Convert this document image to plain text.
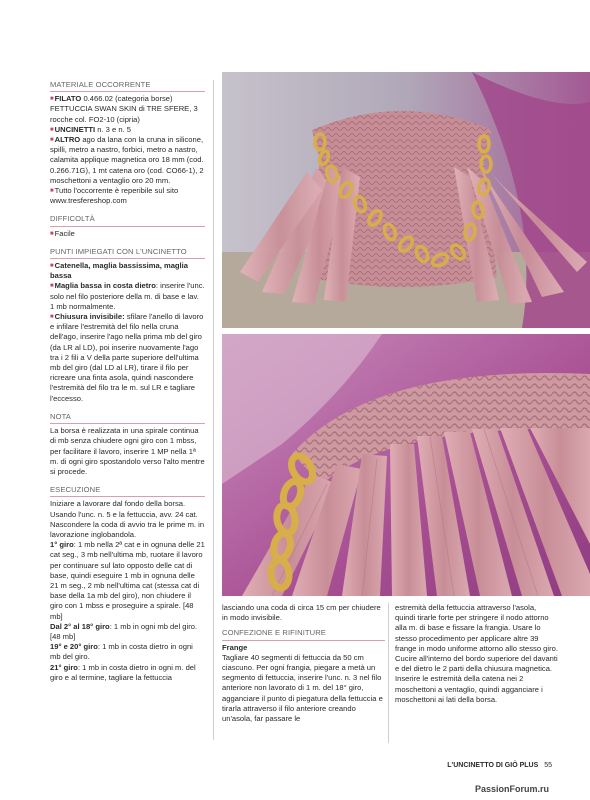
MATERIALE OCCORRENTE

■ FILATO 0.466.02 (categoria borse) FETTUCCIA SWAN SKIN di TRE SFERE, 3 rocche col. FO2-10 (cipria)

■ UNCINETTI n. 3 e n. 5

■ ALTRO ago da lana con la cruna in silicone, spilli, metro a nastro, forbici, metro a nastro, calamita applique magnetica oro 18 mm (cod. 0.266.71G), 1 mt catena oro (cod. CO66-1), 2 moschettoni a ventaglio oro 20 mm.

■ Tutto l'occorrente è reperibile sul sito www.tresfereshop.com

DIFFICOLTÀ

■ Facile

PUNTI IMPIEGATI CON L'UNCINETTO

■ Catenella, maglia bassissima, maglia bassa

■ Maglia bassa in costa dietro: inserire l'unc. solo nel filo posteriore della m. di base e lav. 1 mb normalmente.

■ Chiusura invisibile: sfilare l'anello di lavoro e infilare l'estremità del filo nella cruna dell'ago, inserire l'ago nella prima mb del giro (da LR al LD), poi inserire nuovamente l'ago tra i 2 fili a V della parte superiore dell'ultima mb del giro (dal LD al LR), tirare il filo per ricreare una finta asola, quindi nascondere l'estremità del filo tra le m. sul LR e tagliare l'eccesso.

NOTA

La borsa è realizzata in una spirale continua di mb senza chiudere ogni giro con 1 mbss, per facilitare il lavoro, inserire 1 MP nella 1ª m. di ogni giro spostandolo verso l'alto mentre si procede.

ESECUZIONE

Iniziare a lavorare dal fondo della borsa. Usando l'unc. n. 5 e la fettuccia, avv. 24 cat. Nascondere la coda di avvio tra le prime m. in lavorazione inglobandola.

1° giro: 1 mb nella 2ª cat e in ognuna delle 21 cat seg., 3 mb nell'ultima mb, ruotare il lavoro per continuare sul lato opposto delle cat di base, quindi eseguire 1 mb in ognuna delle 21 m seg., 2 mb nell'ultima cat (stessa cat di base della 1a mb del giro), non chiudere il giro con 1 mbss e proseguire a spirale. [48 mb]

Dal 2° al 18° giro: 1 mb in ogni mb del giro. [48 mb]

19° e 20° giro: 1 mb in costa dietro in ogni mb del giro.

21° giro: 1 mb in costa dietro in ogni m. del giro e al termine, tagliare la fettuccia

lasciando una coda di circa 15 cm per chiudere in modo invisibile.

CONFEZIONE E RIFINITURE

Frange

Tagliare 40 segmenti di fettuccia da 50 cm ciascuno. Per ogni frangia, piegare a metà un segmento di fettuccia, inserire l'unc. n. 3 nel filo anteriore non lavorato di 1 m. del 18° giro, agganciare il punto di piegatura della fettuccia e tirarla attraverso il filo anteriore creando un'asola, far passare le

estremità della fettuccia attraverso l'asola, quindi tirarle forte per stringere il nodo attorno alla m. di base e fissare la frangia. Usare lo stesso procedimento per applicare altre 39 frange in modo uniforme attorno allo stesso giro.

Cucire all'interno del bordo superiore del davanti e del dietro le 2 parti della chiusura magnetica. Inserire le estremità della catena nei 2 moschettoni a ventaglio, quindi agganciare i moschettoni ai lati della borsa.

L'UNCINETTO DI GIÒ PLUS 55
PassionForum.ru
